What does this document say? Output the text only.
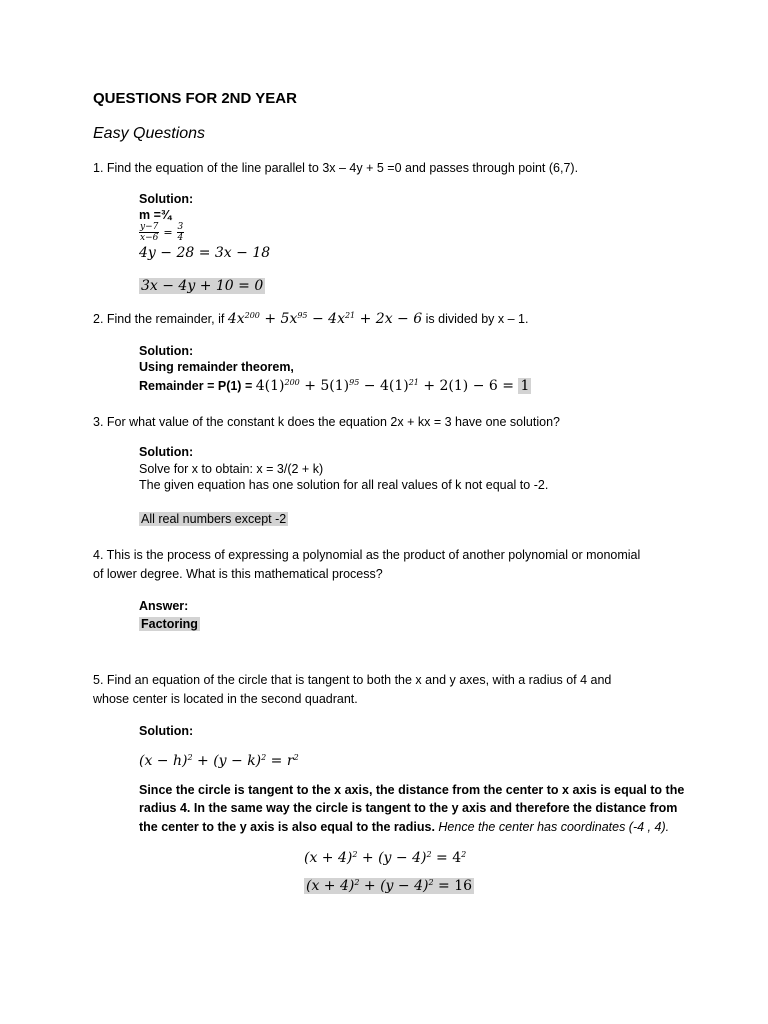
QUESTIONS FOR 2ND YEAR
Easy Questions
1. Find the equation of the line parallel to 3x – 4y + 5 =0 and passes through point (6,7).
Solution:
m =¾
$\frac{y-7}{x-6} = \frac{3}{4}$
4y − 28 = 3x − 18
3x − 4y + 10 = 0
2. Find the remainder, if $4x^{200} + 5x^{95} - 4x^{21} + 2x - 6$ is divided by x – 1.
Solution:
Using remainder theorem,
Remainder = $P(1) = 4(1)^{200} + 5(1)^{95} - 4(1)^{21} + 2(1) - 6 = 1$
3. For what value of the constant k does the equation 2x + kx = 3 have one solution?
Solution:
Solve for x to obtain: x = 3/(2 + k)
The given equation has one solution for all real values of k not equal to -2.
All real numbers except -2
4. This is the process of expressing a polynomial as the product of another polynomial or monomial
of lower degree. What is this mathematical process?
Answer:
Factoring
5. Find an equation of the circle that is tangent to both the x and y axes, with a radius of 4 and
whose center is located in the second quadrant.
Solution:
$(x - h)^2 + (y - k)^2 = r^2$
Since the circle is tangent to the x axis, the distance from the center to x axis is equal to the
radius 4. In the same way the circle is tangent to the y axis and therefore the distance from
the center to the y axis is also equal to the radius. Hence the center has coordinates (-4 , 4).
$(x + 4)^2 + (y - 4)^2 = 4^2$
$(x + 4)^2 + (y - 4)^2 = 16$
